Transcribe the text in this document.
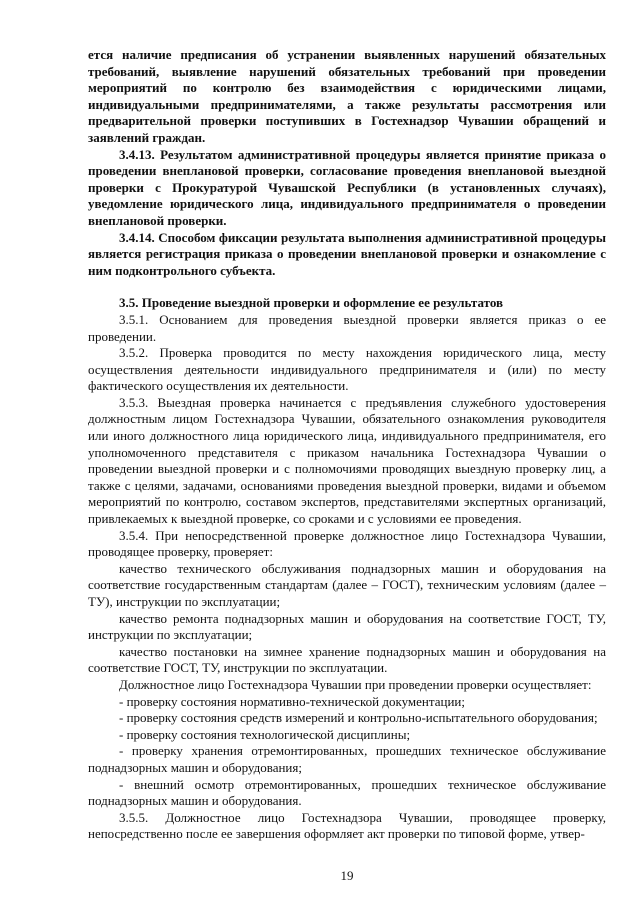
ется наличие предписания об устранении выявленных нарушений обязательных требований, выявление нарушений обязательных требований при проведении мероприятий по контролю без взаимодействия с юридическими лицами, индивидуальными предпринимателями, а также результаты рассмотрения или предварительной проверки поступивших в Гостехнадзор Чувашии обращений и заявлений граждан.

3.4.13. Результатом административной процедуры является принятие приказа о проведении внеплановой проверки, согласование проведения внеплановой выездной проверки с Прокуратурой Чувашской Республики (в установленных случаях), уведомление юридического лица, индивидуального предпринимателя о проведении внеплановой проверки.

3.4.14. Способом фиксации результата выполнения административной процедуры является регистрация приказа о проведении внеплановой проверки и ознакомление с ним подконтрольного субъекта.

3.5. Проведение выездной проверки и оформление ее результатов

3.5.1. Основанием для проведения выездной проверки является приказ о ее проведении.

3.5.2. Проверка проводится по месту нахождения юридического лица, месту осуществления деятельности индивидуального предпринимателя и (или) по месту фактического осуществления их деятельности.

3.5.3. Выездная проверка начинается с предъявления служебного удостоверения должностным лицом Гостехнадзора Чувашии, обязательного ознакомления руководителя или иного должностного лица юридического лица, индивидуального предпринимателя, его уполномоченного представителя с приказом начальника Гостехнадзора Чувашии о проведении выездной проверки и с полномочиями проводящих выездную проверку лиц, а также с целями, задачами, основаниями проведения выездной проверки, видами и объемом мероприятий по контролю, составом экспертов, представителями экспертных организаций, привлекаемых к выездной проверке, со сроками и с условиями ее проведения.

3.5.4. При непосредственной проверке должностное лицо Гостехнадзора Чувашии, проводящее проверку, проверяет:

качество технического обслуживания поднадзорных машин и оборудования на соответствие государственным стандартам (далее – ГОСТ), техническим условиям (далее – ТУ), инструкции по эксплуатации;

качество ремонта поднадзорных машин и оборудования на соответствие ГОСТ, ТУ, инструкции по эксплуатации;

качество постановки на зимнее хранение поднадзорных машин и оборудования на соответствие ГОСТ, ТУ, инструкции по эксплуатации.

Должностное лицо Гостехнадзора Чувашии при проведении проверки осуществляет:

- проверку состояния нормативно-технической документации;

- проверку состояния средств измерений и контрольно-испытательного оборудования;

- проверку состояния технологической дисциплины;

- проверку хранения отремонтированных, прошедших техническое обслуживание поднадзорных машин и оборудования;

- внешний осмотр отремонтированных, прошедших техническое обслуживание поднадзорных машин и оборудования.

3.5.5. Должностное лицо Гостехнадзора Чувашии, проводящее проверку, непосредственно после ее завершения оформляет акт проверки по типовой форме, утвер-

19
